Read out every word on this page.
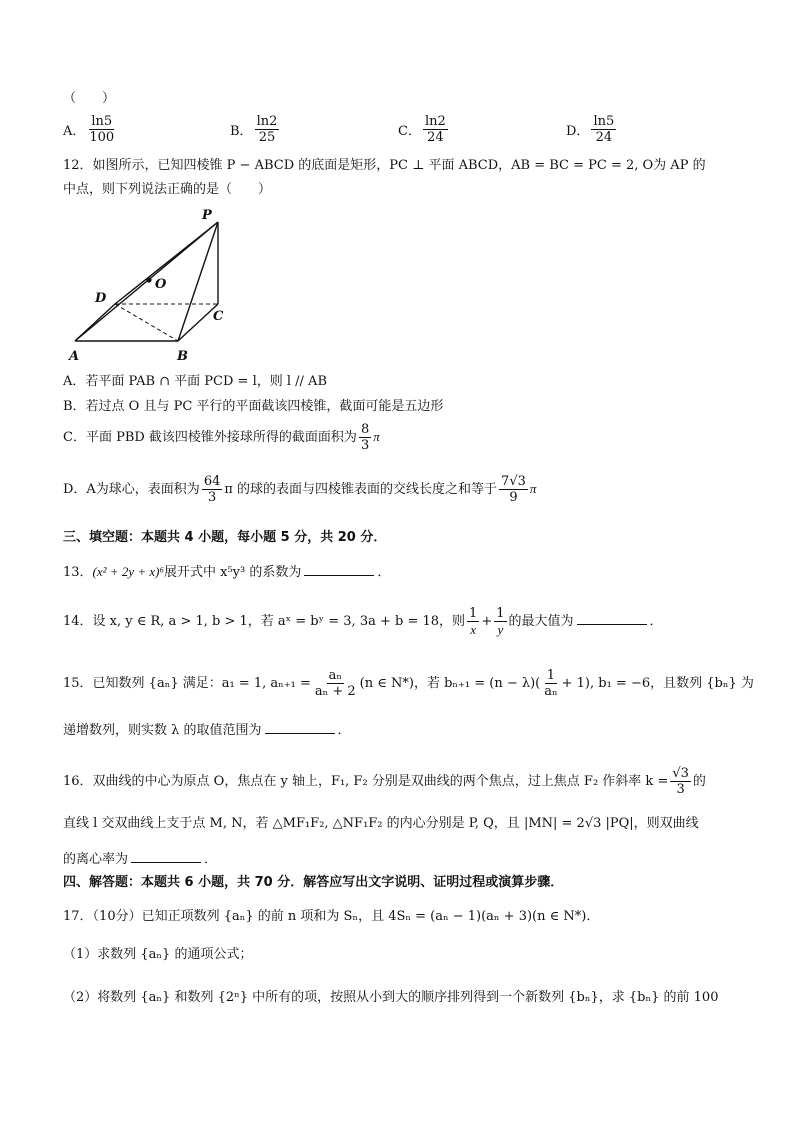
（　　）
A． $\frac{\ln 5}{100}$	B． $\frac{\ln 2}{25}$	C． $\frac{\ln 2}{24}$	D． $\frac{\ln 5}{24}$
12．如图所示，已知四棱锥 P − ABCD 的底面是矩形，PC ⊥ 平面 ABCD，AB = BC = PC = 2, O为 AP 的
中点，则下列说法正确的是（　　）
P
O
D
C
A	B
A．若平面 PAB ∩ 平面 PCD = l，则 l // AB
B．若过点 O 且与 PC 平行的平面截该四棱锥，截面可能是五边形
C．平面 PBD 截该四棱锥外接球所得的截面面积为 $\frac{8}{3}$ π
D．A为球心，表面积为 $\frac{64}{3}$ π 的球的表面与四棱锥表面的交线长度之和等于 $\frac{7√3}{9}$ π
三、填空题：本题共 4 小题，每小题 5 分，共 20 分．
13．(x² + 2y + x)⁶展开式中 x⁵y³ 的系数为	．
14．设 x, y ∈ R, a > 1, b > 1，若 aˣ = bʸ = 3, 3a + b = 18，则 $\frac{1}{x} + \frac{1}{y}$ 的最大值为	．
15．已知数列 {aₙ} 满足：a₁ = 1, $a_{n+1} = \frac{\text{aₙ}}{\text{aₙ + 2}} (n$ ∈ N*)，若 $b_{n+1} = (n - \lambda)( \frac{1}{\text{aₙ}} + 1)$, b₁ = −6，且数列 {bₙ} 为
递增数列，则实数 λ 的取值范围为	．
16．双曲线的中心为原点 O，焦点在 y 轴上，F₁, F₂ 分别是双曲线的两个焦点，过上焦点 F₂ 作斜率 $k = \frac{√3}{3}$ 的
直线 l 交双曲线上支于点 M, N，若 △MF₁F₂, △NF₁F₂ 的内心分别是 P, Q，且 |MN| = 2√3 |PQ|，则双曲线
的离心率为	．
四、解答题：本题共 6 小题，共 70 分．解答应写出文字说明、证明过程或演算步骤．
17．（10分）已知正项数列 {aₙ} 的前 n 项和为 Sₙ，且 4Sₙ = (aₙ − 1)(aₙ + 3)(n ∈ N*)．
（1）求数列 {aₙ} 的通项公式；
（2）将数列 {aₙ} 和数列 {2ⁿ} 中所有的项，按照从小到大的顺序排列得到一个新数列 {bₙ}，求 {bₙ} 的前 100
